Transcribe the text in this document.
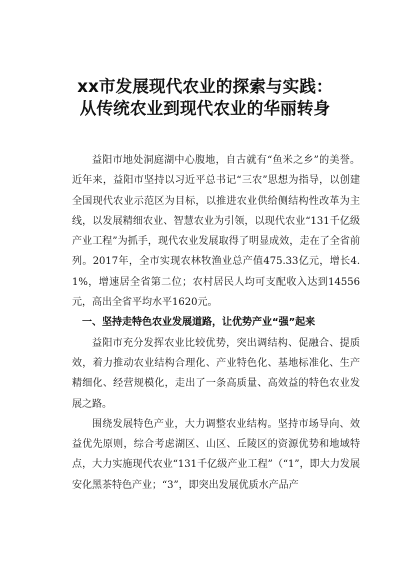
xx市发展现代农业的探索与实践：
从传统农业到现代农业的华丽转身

益阳市地处洞庭湖中心腹地，自古就有“鱼米之乡”的美誉。近年来，益阳市坚持以习近平总书记“三农”思想为指导，以创建全国现代农业示范区为目标，以推进农业供给侧结构性改革为主线，以发展精细农业、智慧农业为引领，以现代农业“131千亿级产业工程”为抓手，现代农业发展取得了明显成效，走在了全省前列。2017年，全市实现农林牧渔业总产值475.33亿元，增长4.1%，增速居全省第二位；农村居民人均可支配收入达到14556元，高出全省平均水平1620元。

一、坚持走特色农业发展道路，让优势产业“强”起来

益阳市充分发挥农业比较优势，突出调结构、促融合、提质效，着力推动农业结构合理化、产业特色化、基地标准化、生产精细化、经营规模化，走出了一条高质量、高效益的特色农业发展之路。

围绕发展特色产业，大力调整农业结构。坚持市场导向、效益优先原则，综合考虑湖区、山区、丘陵区的资源优势和地域特点，大力实施现代农业“131千亿级产业工程”（“1”，即大力发展安化黑茶特色产业；“3”，即突出发展优质水产品产
